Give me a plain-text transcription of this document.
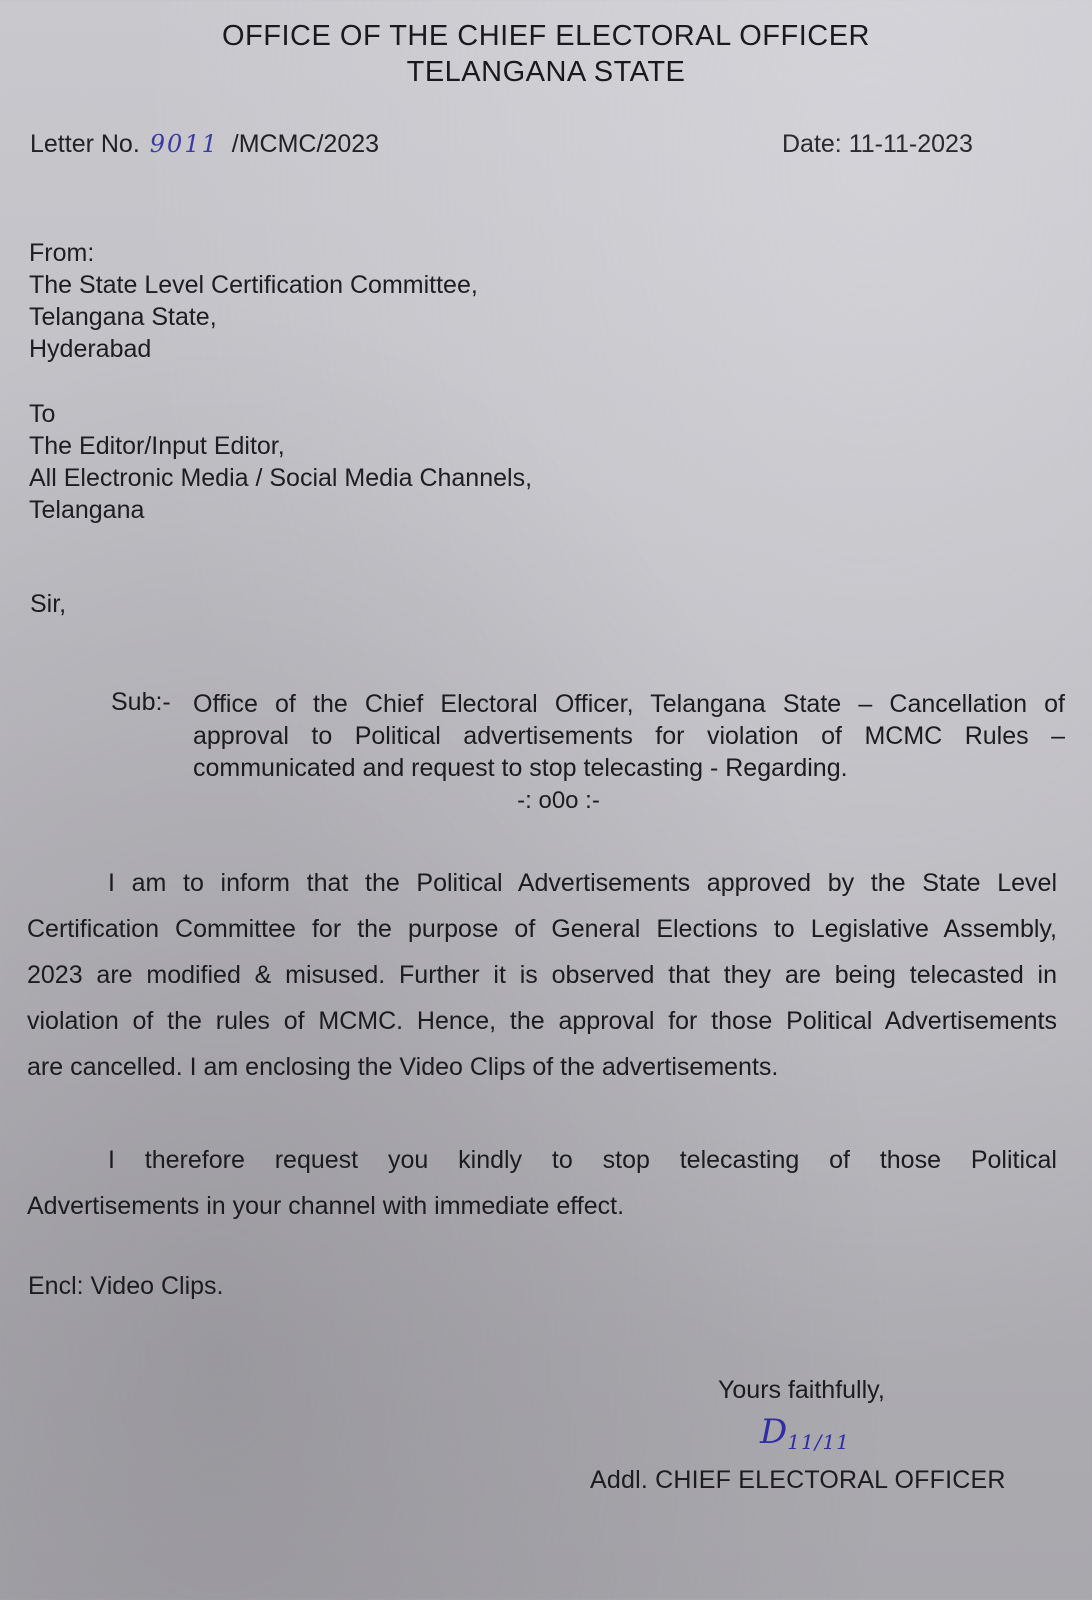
OFFICE OF THE CHIEF ELECTORAL OFFICER
TELANGANA STATE
Letter No. 9011 /MCMC/2023	Date: 11-11-2023
From:
The State Level Certification Committee,
Telangana State,
Hyderabad
To
The Editor/Input Editor,
All Electronic Media / Social Media Channels,
Telangana
Sir,
Sub:- Office of the Chief Electoral Officer, Telangana State – Cancellation of
approval to Political advertisements for violation of MCMC Rules –
communicated and request to stop telecasting - Regarding.
-: o0o :-
I am to inform that the Political Advertisements approved by the State Level
Certification Committee for the purpose of General Elections to Legislative Assembly,
2023 are modified & misused. Further it is observed that they are being telecasted in
violation of the rules of MCMC. Hence, the approval for those Political Advertisements
are cancelled. I am enclosing the Video Clips of the advertisements.
I therefore request you kindly to stop telecasting of those Political
Advertisements in your channel with immediate effect.
Encl: Video Clips.
Yours faithfully,
D11/11
Addl. CHIEF ELECTORAL OFFICER
